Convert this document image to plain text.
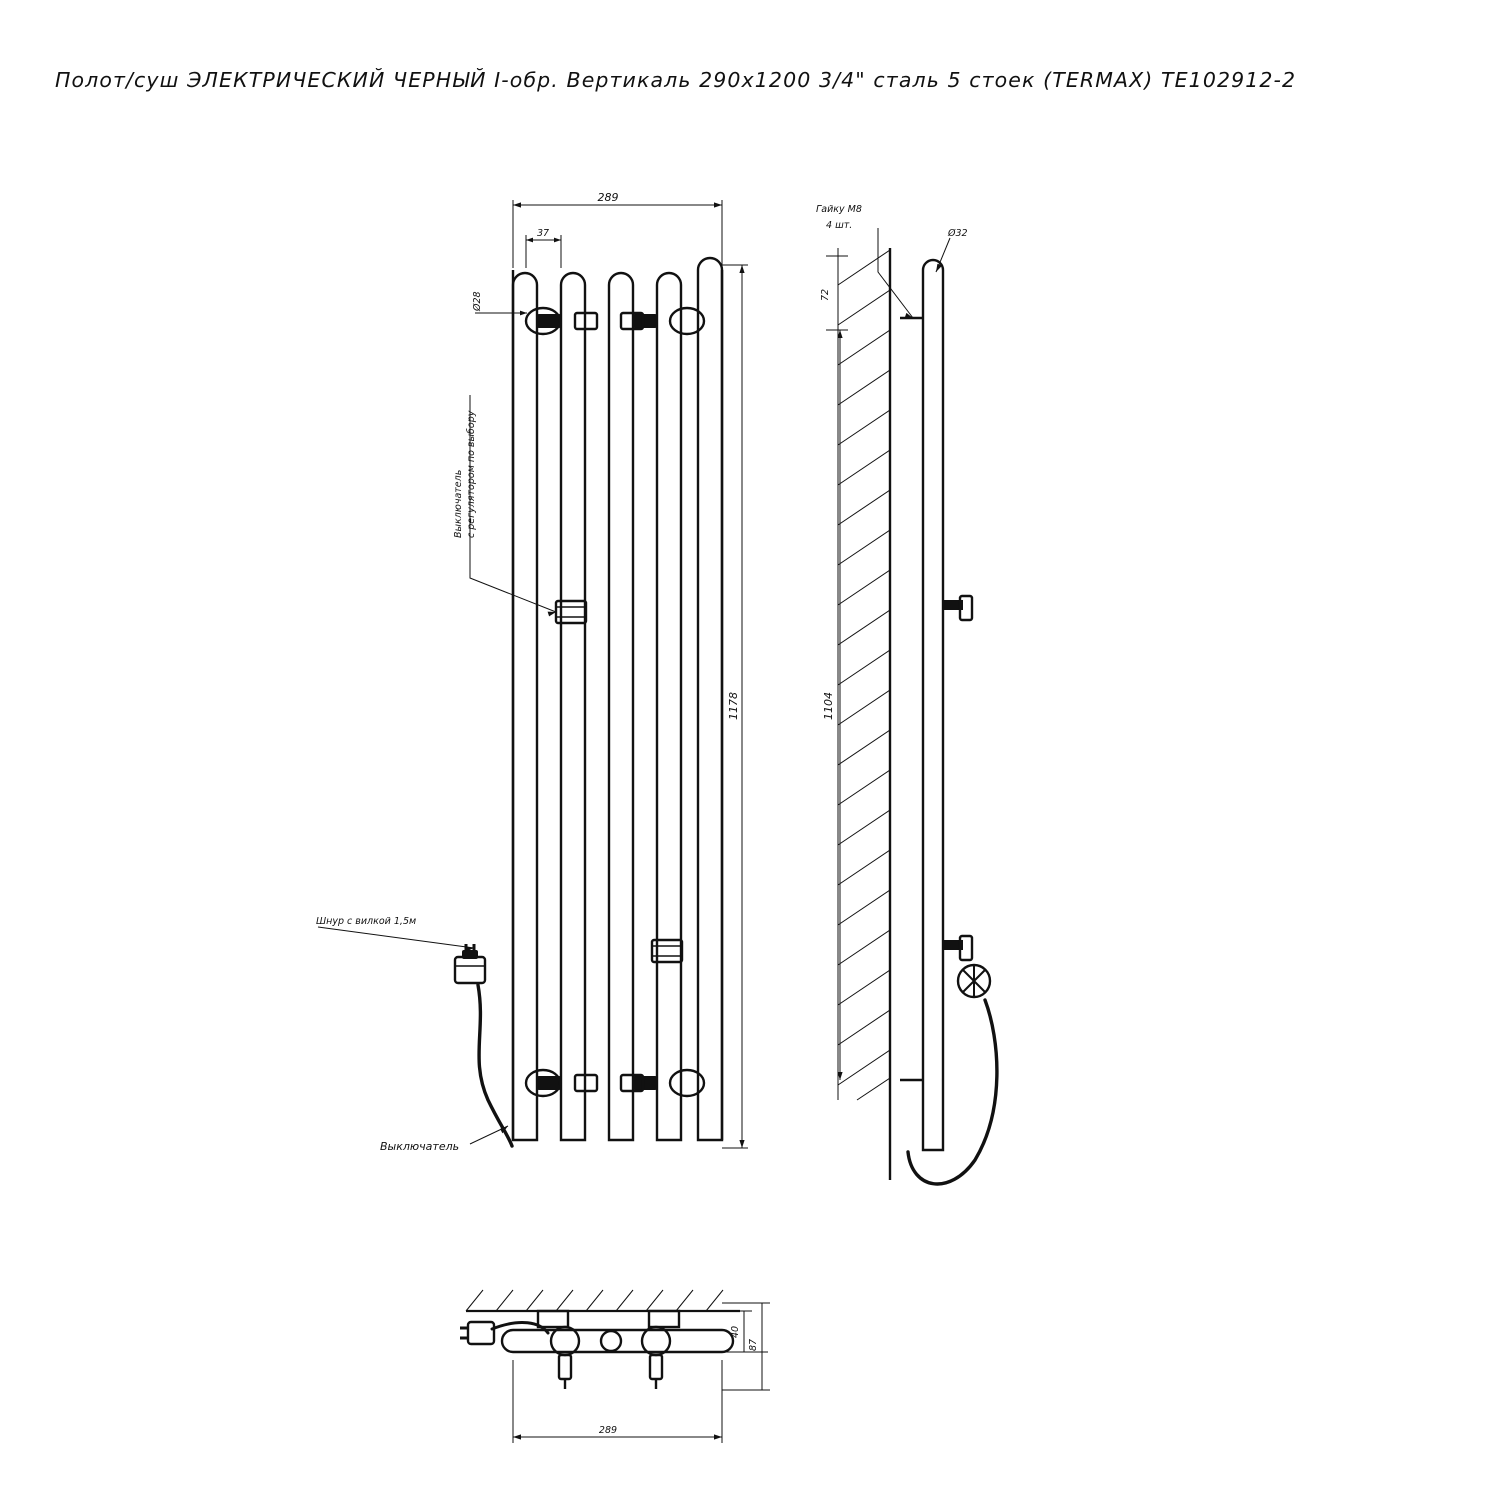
Полот/суш ЭЛЕКТРИЧЕСКИЙ ЧЕРНЫЙ I-обр. Вертикаль 290х1200 3/4" сталь 5 стоек (TERMAX) TE102912-2
289
37
Ø28
1178
Выключатель с регулятором по выбору
Шнур с вилкой 1,5м
Выключатель
72
1104
Ø32
Гайку М8
4 шт.
40
87
289
